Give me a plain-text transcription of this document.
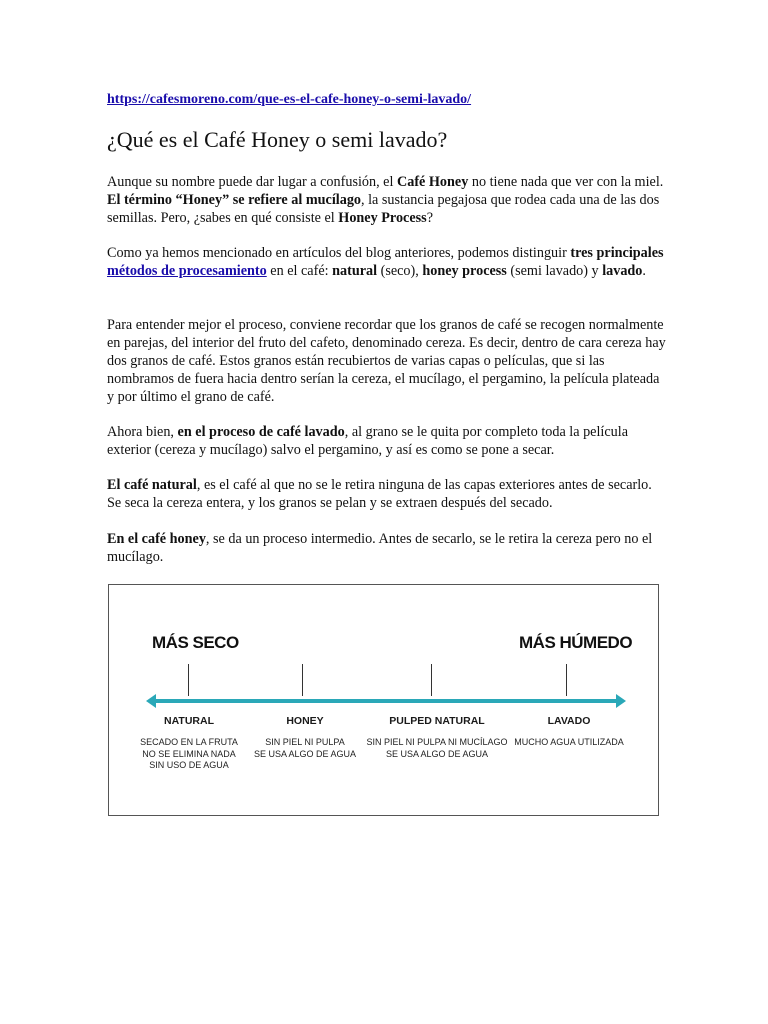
https://cafesmoreno.com/que-es-el-cafe-honey-o-semi-lavado/
¿Qué es el Café Honey o semi lavado?

Aunque su nombre puede dar lugar a confusión, el Café Honey no tiene nada que ver con la miel. El término “Honey” se refiere al mucílago, la sustancia pegajosa que rodea cada una de las dos semillas. Pero, ¿sabes en qué consiste el Honey Process?

Como ya hemos mencionado en artículos del blog anteriores, podemos distinguir tres principales métodos de procesamiento en el café: natural (seco), honey process (semi lavado) y lavado.

Para entender mejor el proceso, conviene recordar que los granos de café se recogen normalmente en parejas, del interior del fruto del cafeto, denominado cereza. Es decir, dentro de cara cereza hay dos granos de café. Estos granos están recubiertos de varias capas o películas, que si las nombramos de fuera hacia dentro serían la cereza, el mucílago, el pergamino, la película plateada y por último el grano de café.

Ahora bien, en el proceso de café lavado, al grano se le quita por completo toda la película exterior (cereza y mucílago) salvo el pergamino, y así es como se pone a secar.

El café natural, es el café al que no se le retira ninguna de las capas exteriores antes de secarlo. Se seca la cereza entera, y los granos se pelan y se extraen después del secado.

En el café honey, se da un proceso intermedio. Antes de secarlo, se le retira la cereza pero no el mucílago.

MÁS SECO	MÁS HÚMEDO
NATURAL
SECADO EN LA FRUTA
NO SE ELIMINA NADA
SIN USO DE AGUA
HONEY
SIN PIEL NI PULPA
SE USA ALGO DE AGUA
PULPED NATURAL
SIN PIEL NI PULPA NI MUCÍLAGO
SE USA ALGO DE AGUA
LAVADO
MUCHO AGUA UTILIZADA
